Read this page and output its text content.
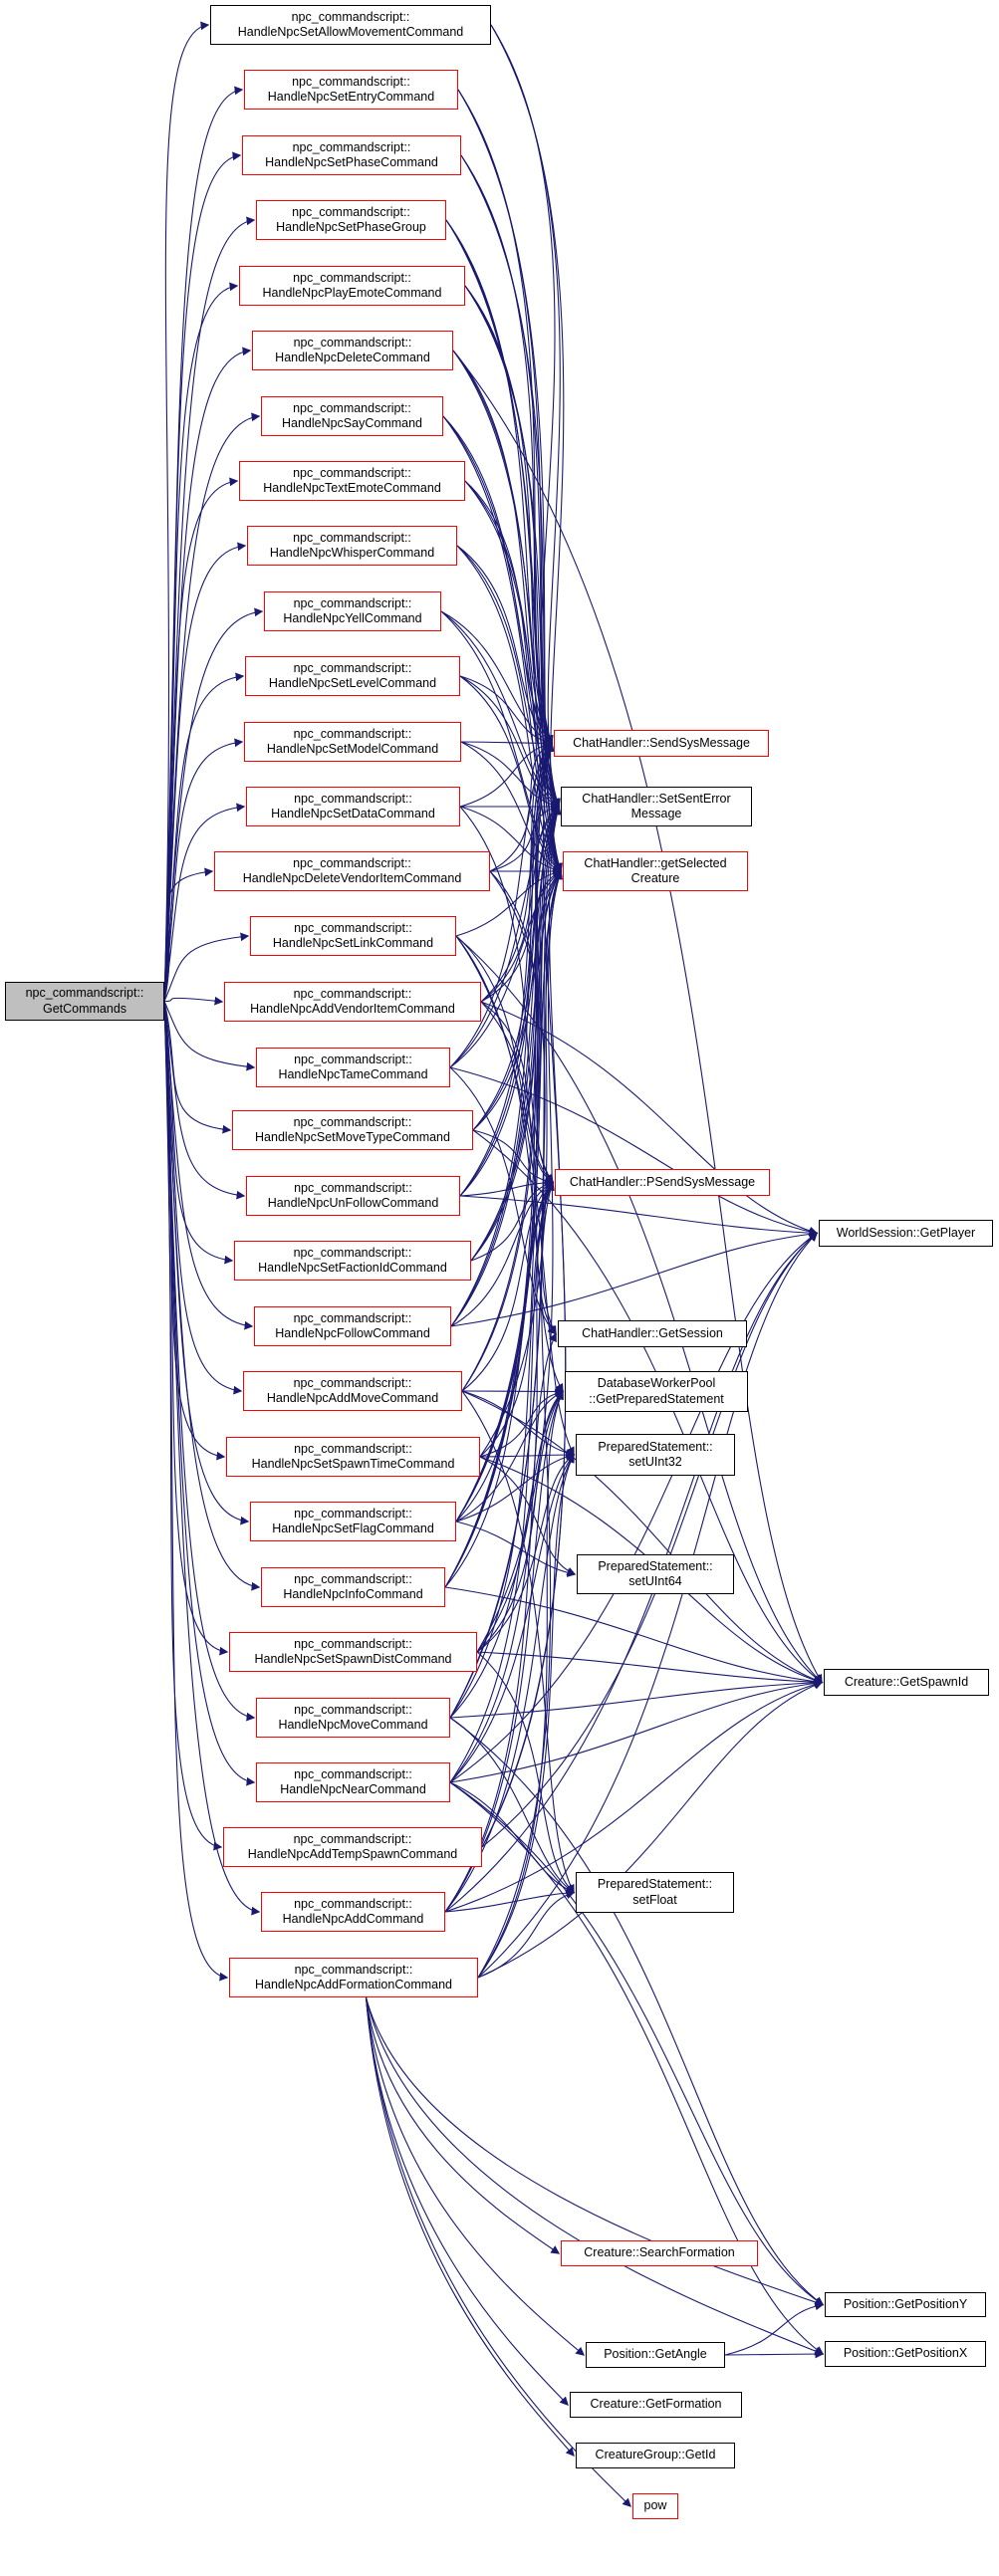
npc_commandscript::
GetCommands
npc_commandscript::
HandleNpcSetAllowMovementCommand
npc_commandscript::
HandleNpcSetEntryCommand
npc_commandscript::
HandleNpcSetPhaseCommand
npc_commandscript::
HandleNpcSetPhaseGroup
npc_commandscript::
HandleNpcPlayEmoteCommand
npc_commandscript::
HandleNpcDeleteCommand
npc_commandscript::
HandleNpcSayCommand
npc_commandscript::
HandleNpcTextEmoteCommand
npc_commandscript::
HandleNpcWhisperCommand
npc_commandscript::
HandleNpcYellCommand
npc_commandscript::
HandleNpcSetLevelCommand
npc_commandscript::
HandleNpcSetModelCommand
npc_commandscript::
HandleNpcSetDataCommand
npc_commandscript::
HandleNpcDeleteVendorItemCommand
npc_commandscript::
HandleNpcSetLinkCommand
npc_commandscript::
HandleNpcAddVendorItemCommand
npc_commandscript::
HandleNpcTameCommand
npc_commandscript::
HandleNpcSetMoveTypeCommand
npc_commandscript::
HandleNpcUnFollowCommand
npc_commandscript::
HandleNpcSetFactionIdCommand
npc_commandscript::
HandleNpcFollowCommand
npc_commandscript::
HandleNpcAddMoveCommand
npc_commandscript::
HandleNpcSetSpawnTimeCommand
npc_commandscript::
HandleNpcSetFlagCommand
npc_commandscript::
HandleNpcInfoCommand
npc_commandscript::
HandleNpcSetSpawnDistCommand
npc_commandscript::
HandleNpcMoveCommand
npc_commandscript::
HandleNpcNearCommand
npc_commandscript::
HandleNpcAddTempSpawnCommand
npc_commandscript::
HandleNpcAddCommand
npc_commandscript::
HandleNpcAddFormationCommand
ChatHandler::SendSysMessage
ChatHandler::SetSentError
Message
ChatHandler::getSelected
Creature
ChatHandler::PSendSysMessage
WorldSession::GetPlayer
ChatHandler::GetSession
DatabaseWorkerPool
::GetPreparedStatement
PreparedStatement::
setUInt32
PreparedStatement::
setUInt64
Creature::GetSpawnId
PreparedStatement::
setFloat
Creature::SearchFormation
Position::GetPositionY
Position::GetAngle	Position::GetPositionX
Creature::GetFormation
CreatureGroup::GetId
pow
